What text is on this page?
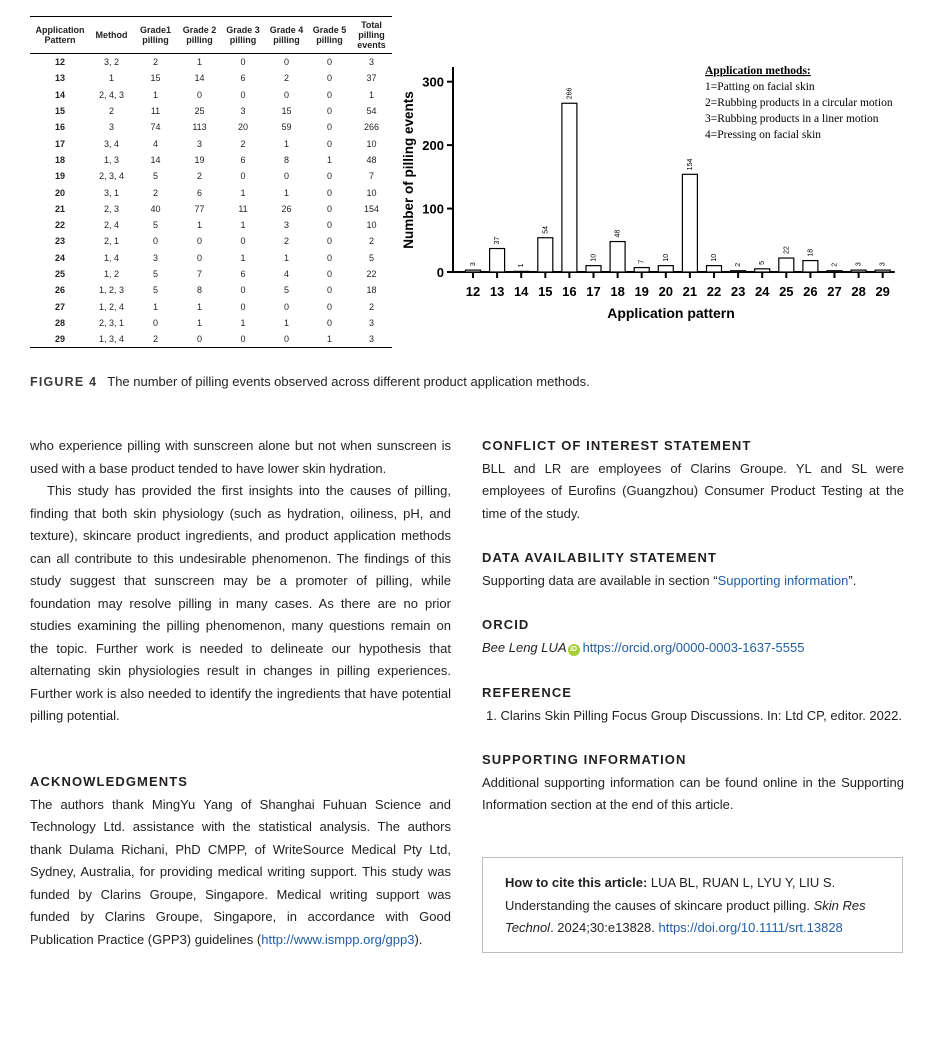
Application Pattern	Method	Grade1 pilling	Grade 2 pilling	Grade 3 pilling	Grade 4 pilling	Grade 5 pilling	Total pilling events
12	3, 2	2	1	0	0	0	3
13	1	15	14	6	2	0	37
14	2, 4, 3	1	0	0	0	0	1
15	2	11	25	3	15	0	54
16	3	74	113	20	59	0	266
17	3, 4	4	3	2	1	0	10
18	1, 3	14	19	6	8	1	48
19	2, 3, 4	5	2	0	0	0	7
20	3, 1	2	6	1	1	0	10
21	2, 3	40	77	11	26	0	154
22	2, 4	5	1	1	3	0	10
23	2, 1	0	0	0	2	0	2
24	1, 4	3	0	1	1	0	5
25	1, 2	5	7	6	4	0	22
26	1, 2, 3	5	8	0	5	0	18
27	1, 2, 4	1	1	0	0	0	2
28	2, 3, 1	0	1	1	1	0	3
29	1, 3, 4	2	0	0	0	1	3
3
37
1
54
266
10
48
7 10
154
10
2 5
22 18
2 3 3
0
100
200
300
12 13 14 15 16 17 18 19 20 21 22 23 24 25 26 27 28 29
Number of pilling events
Application pattern
Application methods:
1=Patting on facial skin
2=Rubbing products in a circular motion
3=Rubbing products in a liner motion
4=Pressing on facial skin
FIGURE 4 The number of pilling events observed across different product application methods.

who experience pilling with sunscreen alone but not when sunscreen is used with a base product tended to have lower skin hydration.

This study has provided the first insights into the causes of pilling, finding that both skin physiology (such as hydration, oiliness, pH, and texture), skincare product ingredients, and product application methods can all contribute to this undesirable phenomenon. The findings of this study suggest that sunscreen may be a promoter of pilling, while foundation may resolve pilling in many cases. As there are no prior studies examining the pilling phenomenon, many questions remain on the topic. Further work is needed to delineate our hypothesis that alternating skin physiologies result in changes in pilling experiences. Further work is also needed to identify the ingredients that have potential pilling potential.

ACKNOWLEDGMENTS

The authors thank MingYu Yang of Shanghai Fuhuan Science and Technology Ltd. assistance with the statistical analysis. The authors thank Dulama Richani, PhD CMPP, of WriteSource Medical Pty Ltd, Sydney, Australia, for providing medical writing support. This study was funded by Clarins Groupe, Singapore. Medical writing support was funded by Clarins Groupe, Singapore, in accordance with Good Publication Practice (GPP3) guidelines (http://www.ismpp.org/gpp3).

CONFLICT OF INTEREST STATEMENT

BLL and LR are employees of Clarins Groupe. YL and SL were employees of Eurofins (Guangzhou) Consumer Product Testing at the time of the study.

DATA AVAILABILITY STATEMENT

Supporting data are available in section “Supporting information”.

ORCID

Bee Leng LUA iD https://orcid.org/0000-0003-1637-5555

REFERENCE

1. Clarins Skin Pilling Focus Group Discussions. In: Ltd CP, editor. 2022.

SUPPORTING INFORMATION

Additional supporting information can be found online in the Supporting Information section at the end of this article.

How to cite this article: LUA BL, RUAN L, LYU Y, LIU S. Understanding the causes of skincare product pilling. Skin Res Technol. 2024;30:e13828. https://doi.org/10.1111/srt.13828
